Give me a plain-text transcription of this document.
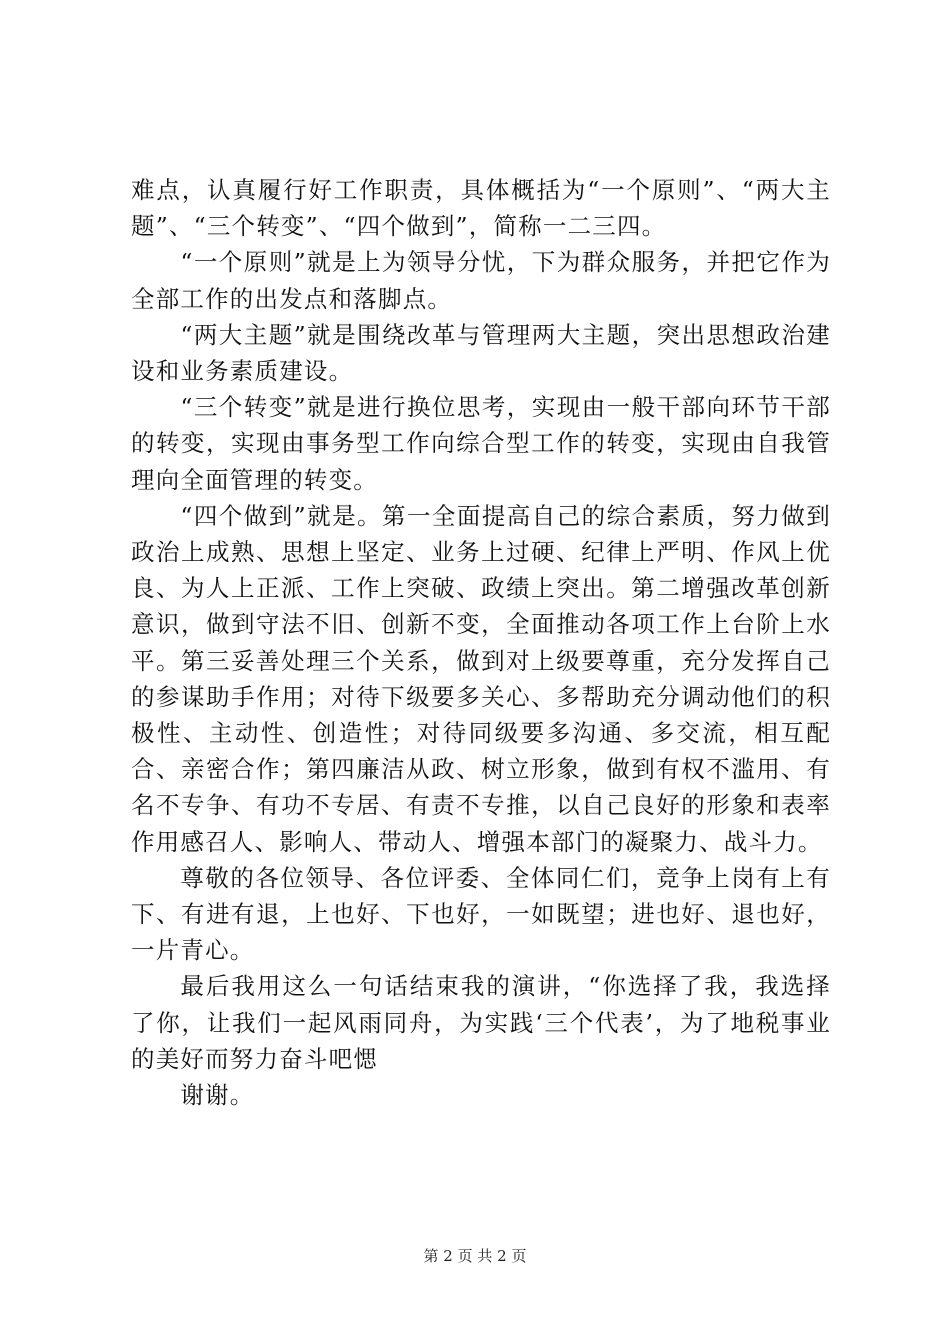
难点，认真履行好工作职责，具体概括为“一个原则”、“两大主题”、“三个转变”、“四个做到”，简称一二三四。

“一个原则”就是上为领导分忧，下为群众服务，并把它作为全部工作的出发点和落脚点。

“两大主题”就是围绕改革与管理两大主题，突出思想政治建设和业务素质建设。

“三个转变”就是进行换位思考，实现由一般干部向环节干部的转变，实现由事务型工作向综合型工作的转变，实现由自我管理向全面管理的转变。

“四个做到”就是。第一全面提高自己的综合素质，努力做到政治上成熟、思想上坚定、业务上过硬、纪律上严明、作风上优良、为人上正派、工作上突破、政绩上突出。第二增强改革创新意识，做到守法不旧、创新不变，全面推动各项工作上台阶上水平。第三妥善处理三个关系，做到对上级要尊重，充分发挥自己的参谋助手作用；对待下级要多关心、多帮助充分调动他们的积极性、主动性、创造性；对待同级要多沟通、多交流，相互配合、亲密合作；第四廉洁从政、树立形象，做到有权不滥用、有名不专争、有功不专居、有责不专推，以自己良好的形象和表率作用感召人、影响人、带动人、增强本部门的凝聚力、战斗力。

尊敬的各位领导、各位评委、全体同仁们，竞争上岗有上有下、有进有退，上也好、下也好，一如既望；进也好、退也好，一片青心。

最后我用这么一句话结束我的演讲，“你选择了我，我选择了你，让我们一起风雨同舟，为实践‘三个代表’，为了地税事业的美好而努力奋斗吧愢

谢谢。

第 2 页 共 2 页
